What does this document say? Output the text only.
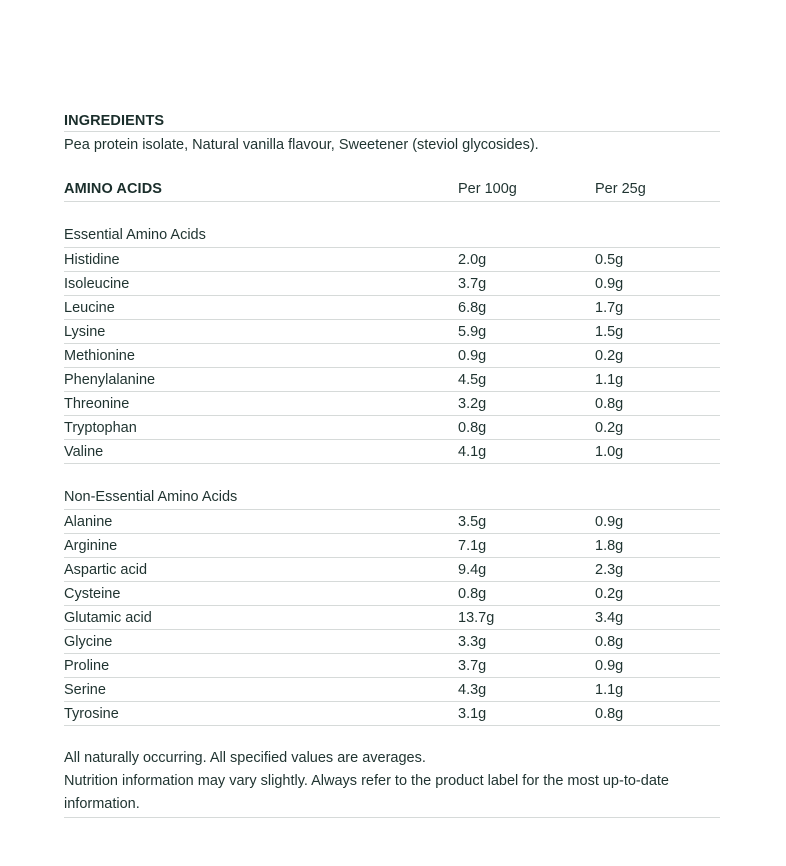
INGREDIENTS
Pea protein isolate, Natural vanilla flavour, Sweetener (steviol glycosides).
AMINO ACIDS	Per 100g	Per 25g
Essential Amino Acids
Histidine	2.0g	0.5g
Isoleucine	3.7g	0.9g
Leucine	6.8g	1.7g
Lysine	5.9g	1.5g
Methionine	0.9g	0.2g
Phenylalanine	4.5g	1.1g
Threonine	3.2g	0.8g
Tryptophan	0.8g	0.2g
Valine	4.1g	1.0g
Non-Essential Amino Acids
Alanine	3.5g	0.9g
Arginine	7.1g	1.8g
Aspartic acid	9.4g	2.3g
Cysteine	0.8g	0.2g
Glutamic acid	13.7g	3.4g
Glycine	3.3g	0.8g
Proline	3.7g	0.9g
Serine	4.3g	1.1g
Tyrosine	3.1g	0.8g
All naturally occurring. All specified values are averages.
Nutrition information may vary slightly. Always refer to the product label for the most up-to-date information.
